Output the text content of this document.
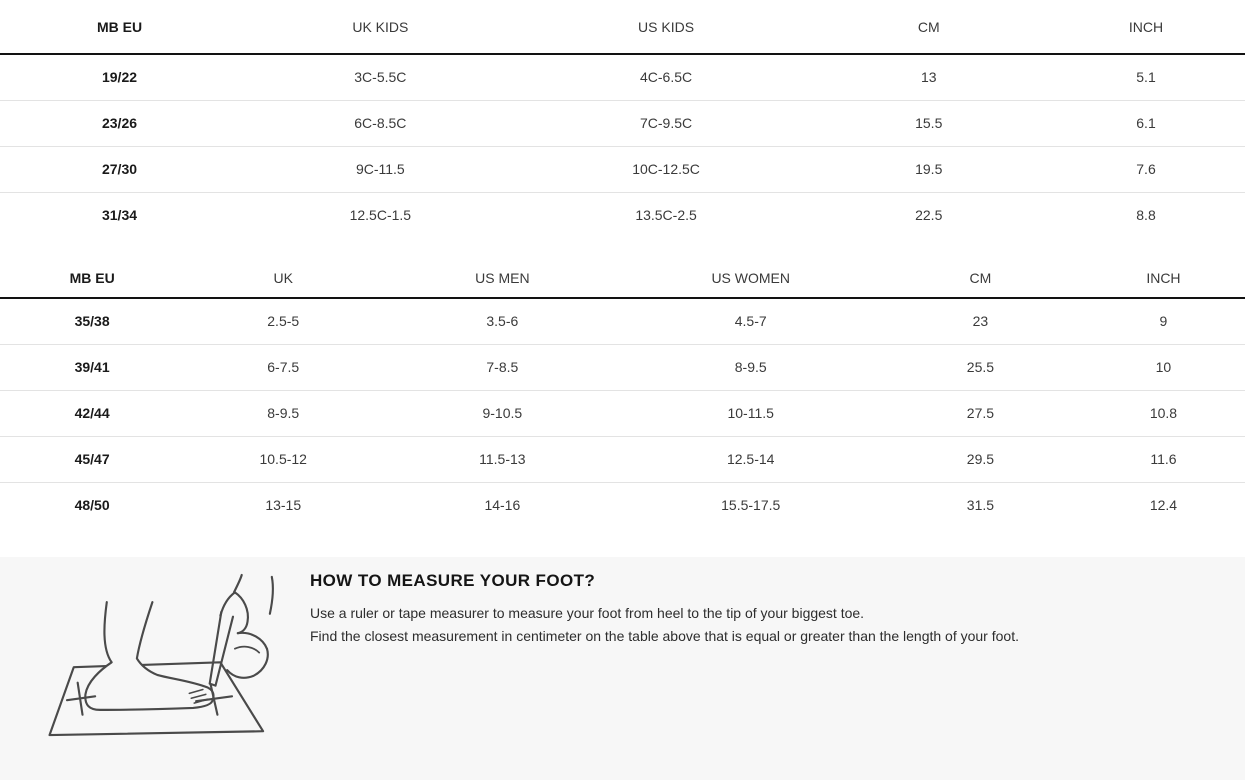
MB EU	UK KIDS	US KIDS	CM	INCH
19/22	3C-5.5C	4C-6.5C	13	5.1
23/26	6C-8.5C	7C-9.5C	15.5	6.1
27/30	9C-11.5	10C-12.5C	19.5	7.6
31/34	12.5C-1.5	13.5C-2.5	22.5	8.8
MB EU	UK	US MEN	US WOMEN	CM	INCH
35/38	2.5-5	3.5-6	4.5-7	23	9
39/41	6-7.5	7-8.5	8-9.5	25.5	10
42/44	8-9.5	9-10.5	10-11.5	27.5	10.8
45/47	10.5-12	11.5-13	12.5-14	29.5	11.6
48/50	13-15	14-16	15.5-17.5	31.5	12.4
HOW TO MEASURE YOUR FOOT?
Use a ruler or tape measurer to measure your foot from heel to the tip of your biggest toe.
Find the closest measurement in centimeter on the table above that is equal or greater than the length of your foot.
